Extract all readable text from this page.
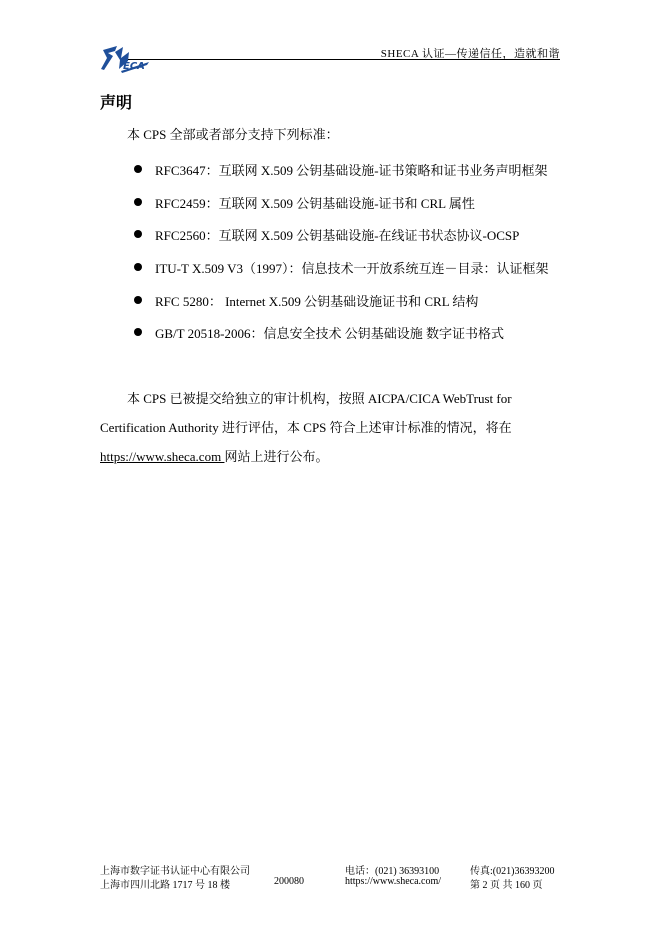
ECA
SHECA 认证—传递信任，造就和谐
声明
本 CPS 全部或者部分支持下列标准：
RFC3647：互联网 X.509 公钥基础设施-证书策略和证书业务声明框架
RFC2459：互联网 X.509 公钥基础设施-证书和 CRL 属性
RFC2560：互联网 X.509 公钥基础设施-在线证书状态协议-OCSP
ITU-T X.509 V3（1997）：信息技术一开放系统互连－目录：认证框架
RFC 5280： Internet X.509 公钥基础设施证书和 CRL 结构
GB/T 20518-2006：信息安全技术 公钥基础设施 数字证书格式
本 CPS 已被提交给独立的审计机构，按照 AICPA/CICA WebTrust for
Certification Authority 进行评估，本 CPS 符合上述审计标准的情况，将在
https://www.sheca.com 网站上进行公布。
上海市数字证书认证中心有限公司
上海市四川北路 1717 号 18 楼	200080
电话：(021) 36393100
https://www.sheca.com/
传真:(021)36393200
第 2 页 共 160 页
